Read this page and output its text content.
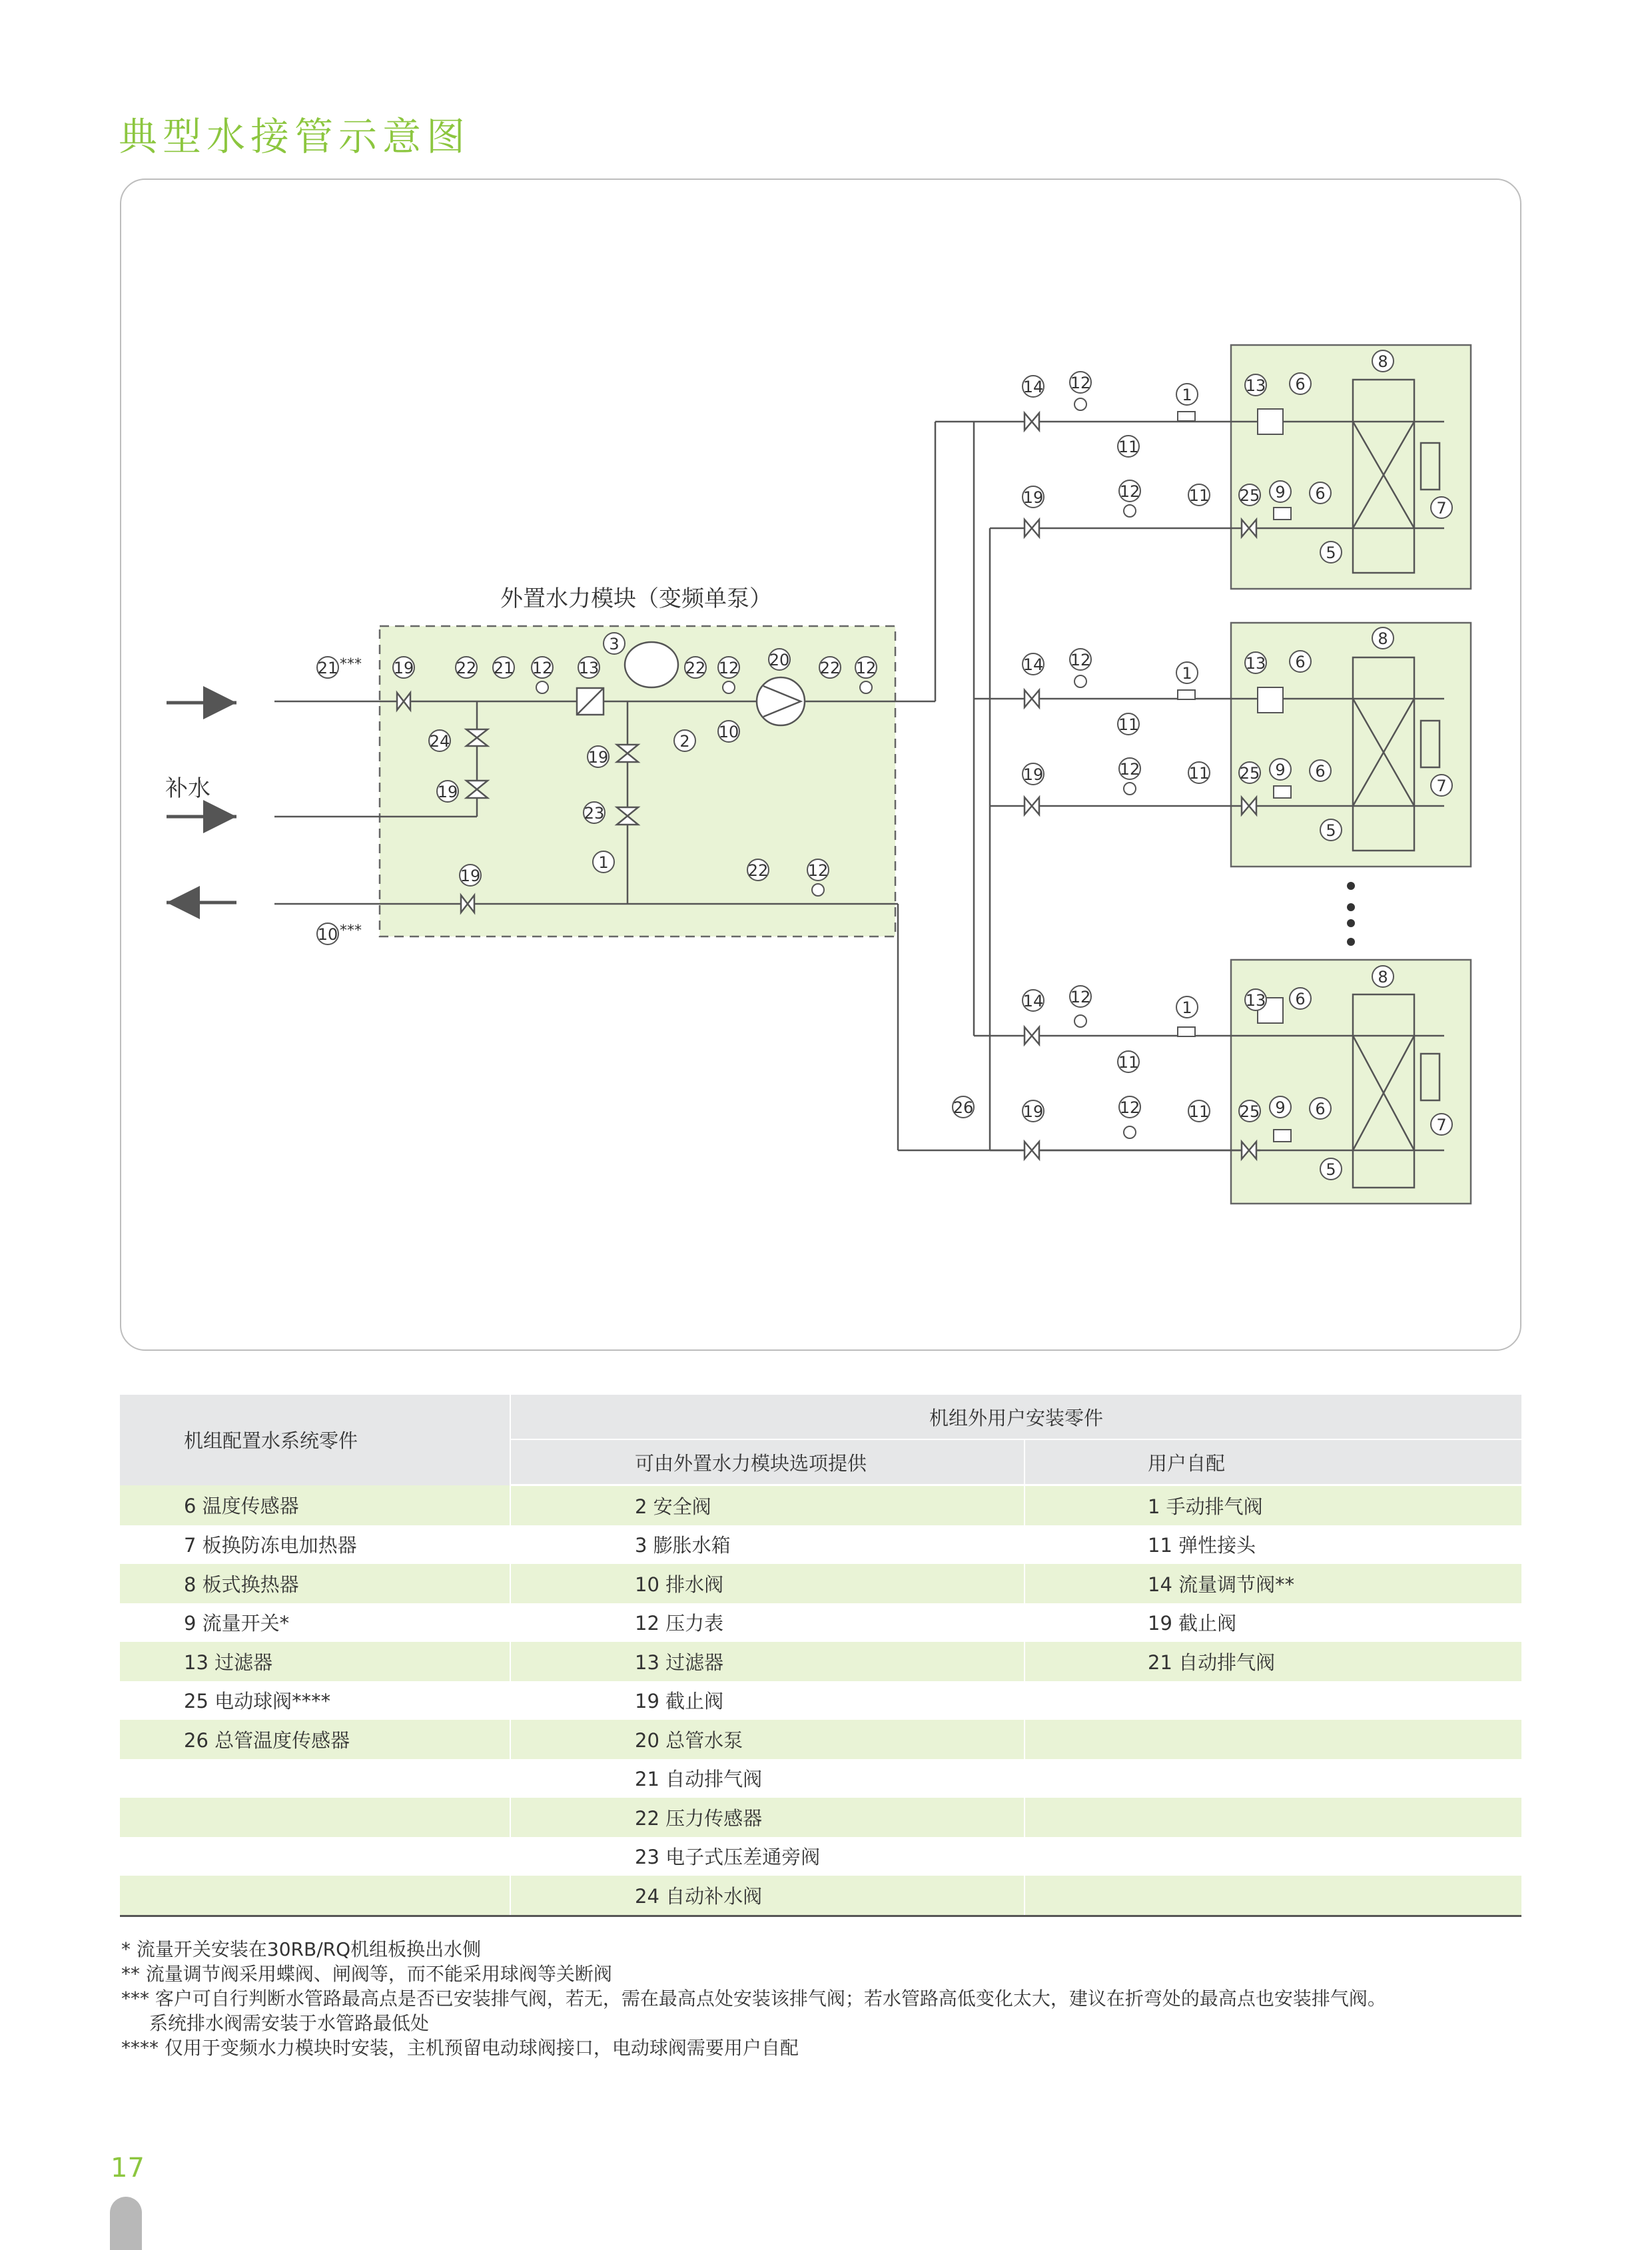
典型水接管示意图
外置水力模块（变频单泵）
补水
19	22 21 12 13
3
22 12 20 22 12
2 10
24
19
19
23
1
19	22 12
21
10
14 12
1
11
13 6
8
19	12	11 25 9 6
5
7
14 12
1
11
13 6
8
19	12	11 25 9 6
5
7
14 12
1
11
13 6
8
26	19	12	11 25 9 6
5
7
***
***
机组配置水系统零件	机组外用户安装零件	
	可由外置水力模块选项提供	用户自配
6 温度传感器	2 安全阀	1 手动排气阀
7 板换防冻电加热器	3 膨胀水箱	11 弹性接头
8 板式换热器	10 排水阀	14 流量调节阀**
9 流量开关*	12 压力表	19 截止阀
13 过滤器	13 过滤器	21 自动排气阀
25 电动球阀****	19 截止阀	
26 总管温度传感器	20 总管水泵	
	21 自动排气阀	
	22 压力传感器	
	23 电子式压差通旁阀	
	24 自动补水阀	
* 流量开关安装在30RB/RQ机组板换出水侧
** 流量调节阀采用蝶阀、闸阀等，而不能采用球阀等关断阀
*** 客户可自行判断水管路最高点是否已安装排气阀，若无，需在最高点处安装该排气阀；若水管路高低变化太大，建议在折弯处的最高点也安装排气阀。
系统排水阀需安装于水管路最低处
**** 仅用于变频水力模块时安装，主机预留电动球阀接口，电动球阀需要用户自配
17
